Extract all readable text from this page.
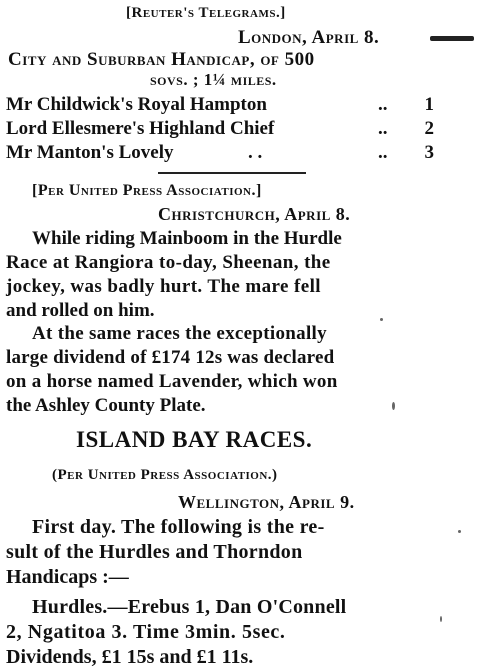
[Reuter's Telegrams.]
London, April 8.
City and Suburban Handicap, of 500
sovs. ; 1¼ miles.
Mr Childwick's Royal Hampton	.. 1
Lord Ellesmere's Highland Chief	.. 2
Mr Manton's Lovely	. .	.. 3
[Per United Press Association.]
Christchurch, April 8.
While riding Mainboom in the Hurdle
Race at Rangiora to-day, Sheenan, the
jockey, was badly hurt. The mare fell
and rolled on him.
At the same races the exceptionally
large dividend of £174 12s was declared
on a horse named Lavender, which won
the Ashley County Plate.
ISLAND BAY RACES.
(Per United Press Association.)
Wellington, April 9.
First day. The following is the re-
sult of the Hurdles and Thorndon
Handicaps :—
Hurdles.—Erebus 1, Dan O'Connell
2, Ngatitoa 3. Time 3min. 5sec.
Dividends, £1 15s and £1 11s.
